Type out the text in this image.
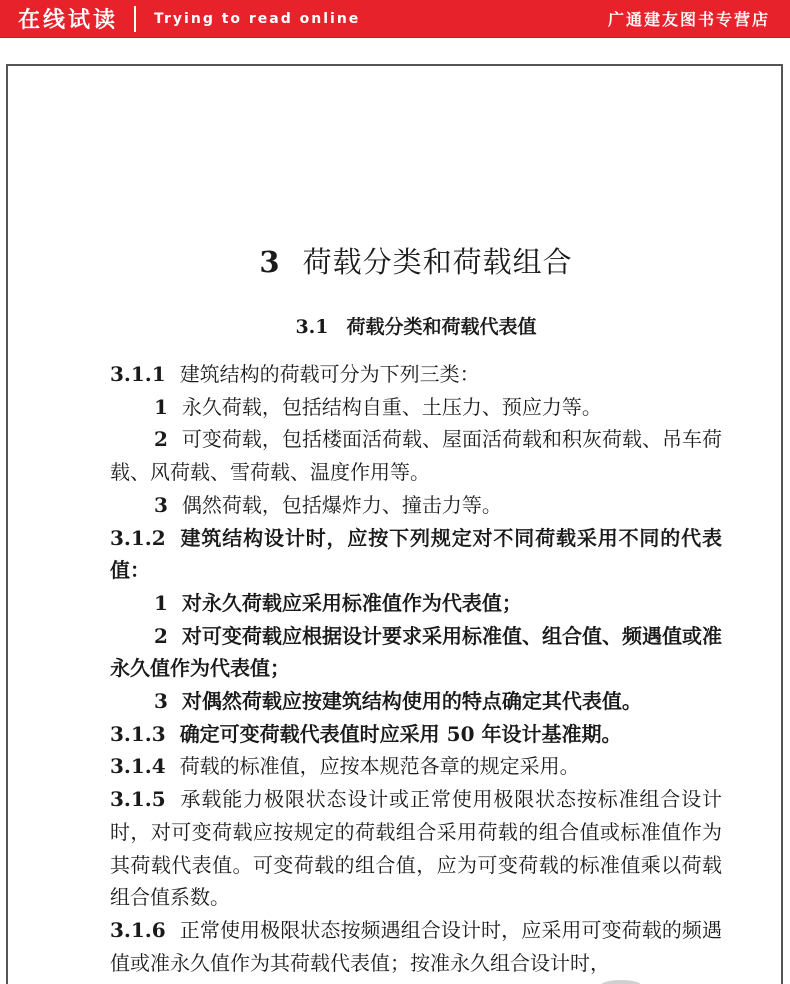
在线试读	Trying to read online	广通建友图书专营店
3 荷载分类和荷载组合
3.1 荷载分类和荷载代表值

3.1.1 建筑结构的荷载可分为下列三类：

1 永久荷载，包括结构自重、土压力、预应力等。

2 可变荷载，包括楼面活荷载、屋面活荷载和积灰荷载、吊车荷载、风荷载、雪荷载、温度作用等。

3 偶然荷载，包括爆炸力、撞击力等。

3.1.2 建筑结构设计时，应按下列规定对不同荷载采用不同的代表值：

1 对永久荷载应采用标准值作为代表值；

2 对可变荷载应根据设计要求采用标准值、组合值、频遇值或准永久值作为代表值；

3 对偶然荷载应按建筑结构使用的特点确定其代表值。

3.1.3 确定可变荷载代表值时应采用 50 年设计基准期。

3.1.4 荷载的标准值，应按本规范各章的规定采用。

3.1.5 承载能力极限状态设计或正常使用极限状态按标准组合设计时，对可变荷载应按规定的荷载组合采用荷载的组合值或标准值作为其荷载代表值。可变荷载的组合值，应为可变荷载的标准值乘以荷载组合值系数。

3.1.6 正常使用极限状态按频遇组合设计时，应采用可变荷载的频遇值或准永久值作为其荷载代表值；按准永久组合设计时，
